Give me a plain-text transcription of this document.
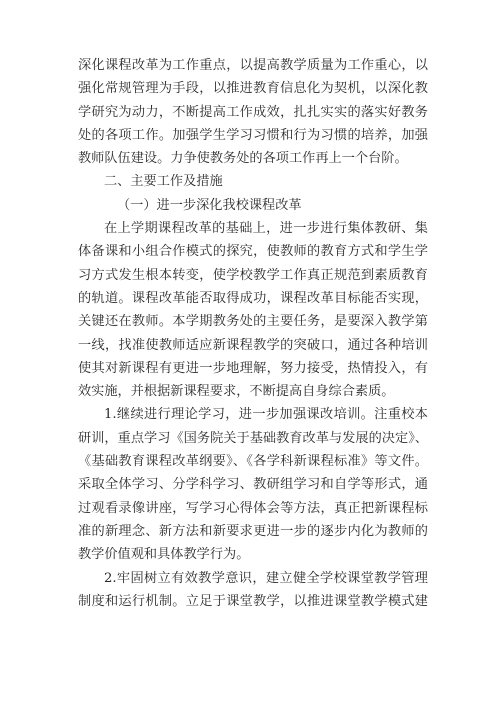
深化课程改革为工作重点，以提高教学质量为工作重心，以
强化常规管理为手段，以推进教育信息化为契机，以深化教
学研究为动力，不断提高工作成效，扎扎实实的落实好教务
处的各项工作。加强学生学习习惯和行为习惯的培养，加强
教师队伍建设。力争使教务处的各项工作再上一个台阶。
二、主要工作及措施
（一）进一步深化我校课程改革
在上学期课程改革的基础上，进一步进行集体教研、集
体备课和小组合作模式的探究，使教师的教育方式和学生学
习方式发生根本转变，使学校教学工作真正规范到素质教育
的轨道。课程改革能否取得成功，课程改革目标能否实现，
关键还在教师。本学期教务处的主要任务，是要深入教学第
一线，找准使教师适应新课程教学的突破口，通过各种培训
使其对新课程有更进一步地理解，努力接受，热情投入，有
效实施，并根据新课程要求，不断提高自身综合素质。
1.继续进行理论学习，进一步加强课改培训。注重校本
研训，重点学习《国务院关于基础教育改革与发展的决定》、
《基础教育课程改革纲要》、《各学科新课程标准》等文件。
采取全体学习、分学科学习、教研组学习和自学等形式，通
过观看录像讲座，写学习心得体会等方法，真正把新课程标
准的新理念、新方法和新要求更进一步的逐步内化为教师的
教学价值观和具体教学行为。
2.牢固树立有效教学意识，建立健全学校课堂教学管理
制度和运行机制。立足于课堂教学，以推进课堂教学模式建
